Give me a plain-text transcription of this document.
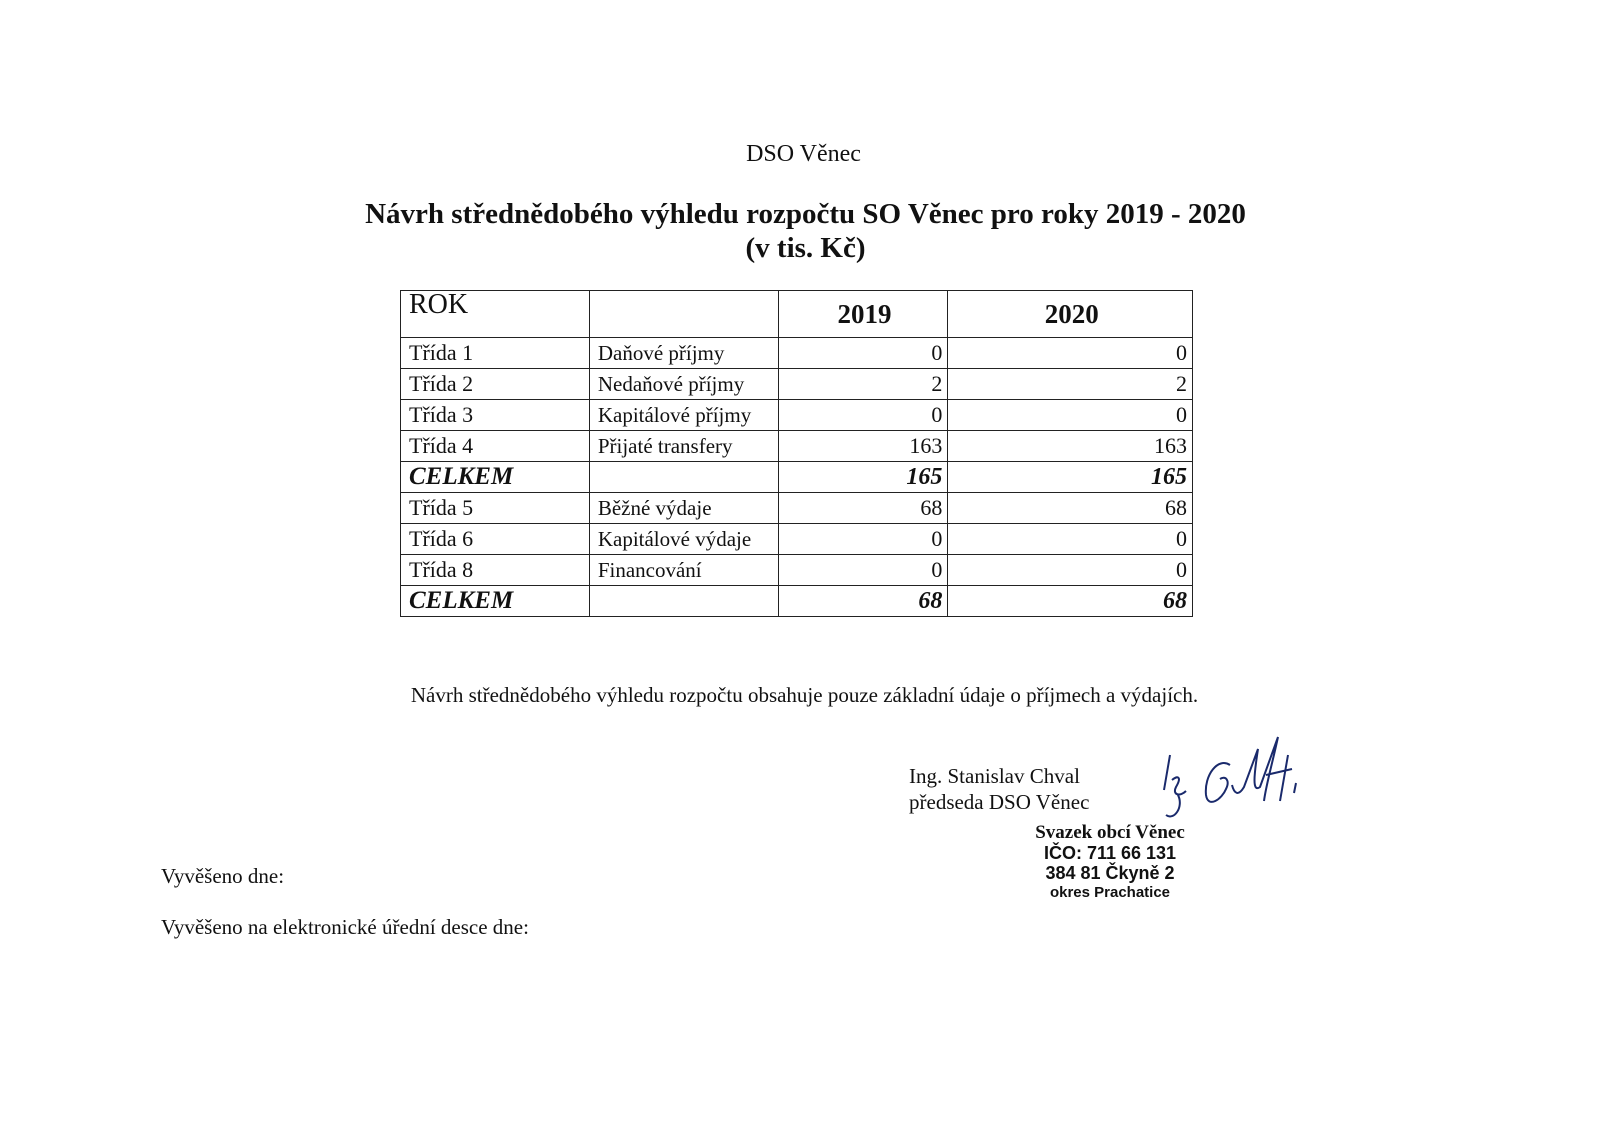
DSO Věnec
Návrh střednědobého výhledu rozpočtu SO Věnec pro roky 2019 - 2020
(v tis. Kč)
ROK		2019	2020
Třída 1	Daňové příjmy	0	0
Třída 2	Nedaňové příjmy	2	2
Třída 3	Kapitálové příjmy	0	0
Třída 4	Přijaté transfery	163	163
CELKEM		165	165
Třída 5	Běžné výdaje	68	68
Třída 6	Kapitálové výdaje	0	0
Třída 8	Financování	0	0
CELKEM		68	68
Návrh střednědobého výhledu rozpočtu obsahuje pouze základní údaje o příjmech a výdajích.
Ing. Stanislav Chval
předseda DSO Věnec
Svazek obcí Věnec
IČO: 711 66 131
384 81 Čkyně 2
okres Prachatice
Vyvěšeno dne:
Vyvěšeno na elektronické úřední desce dne:
